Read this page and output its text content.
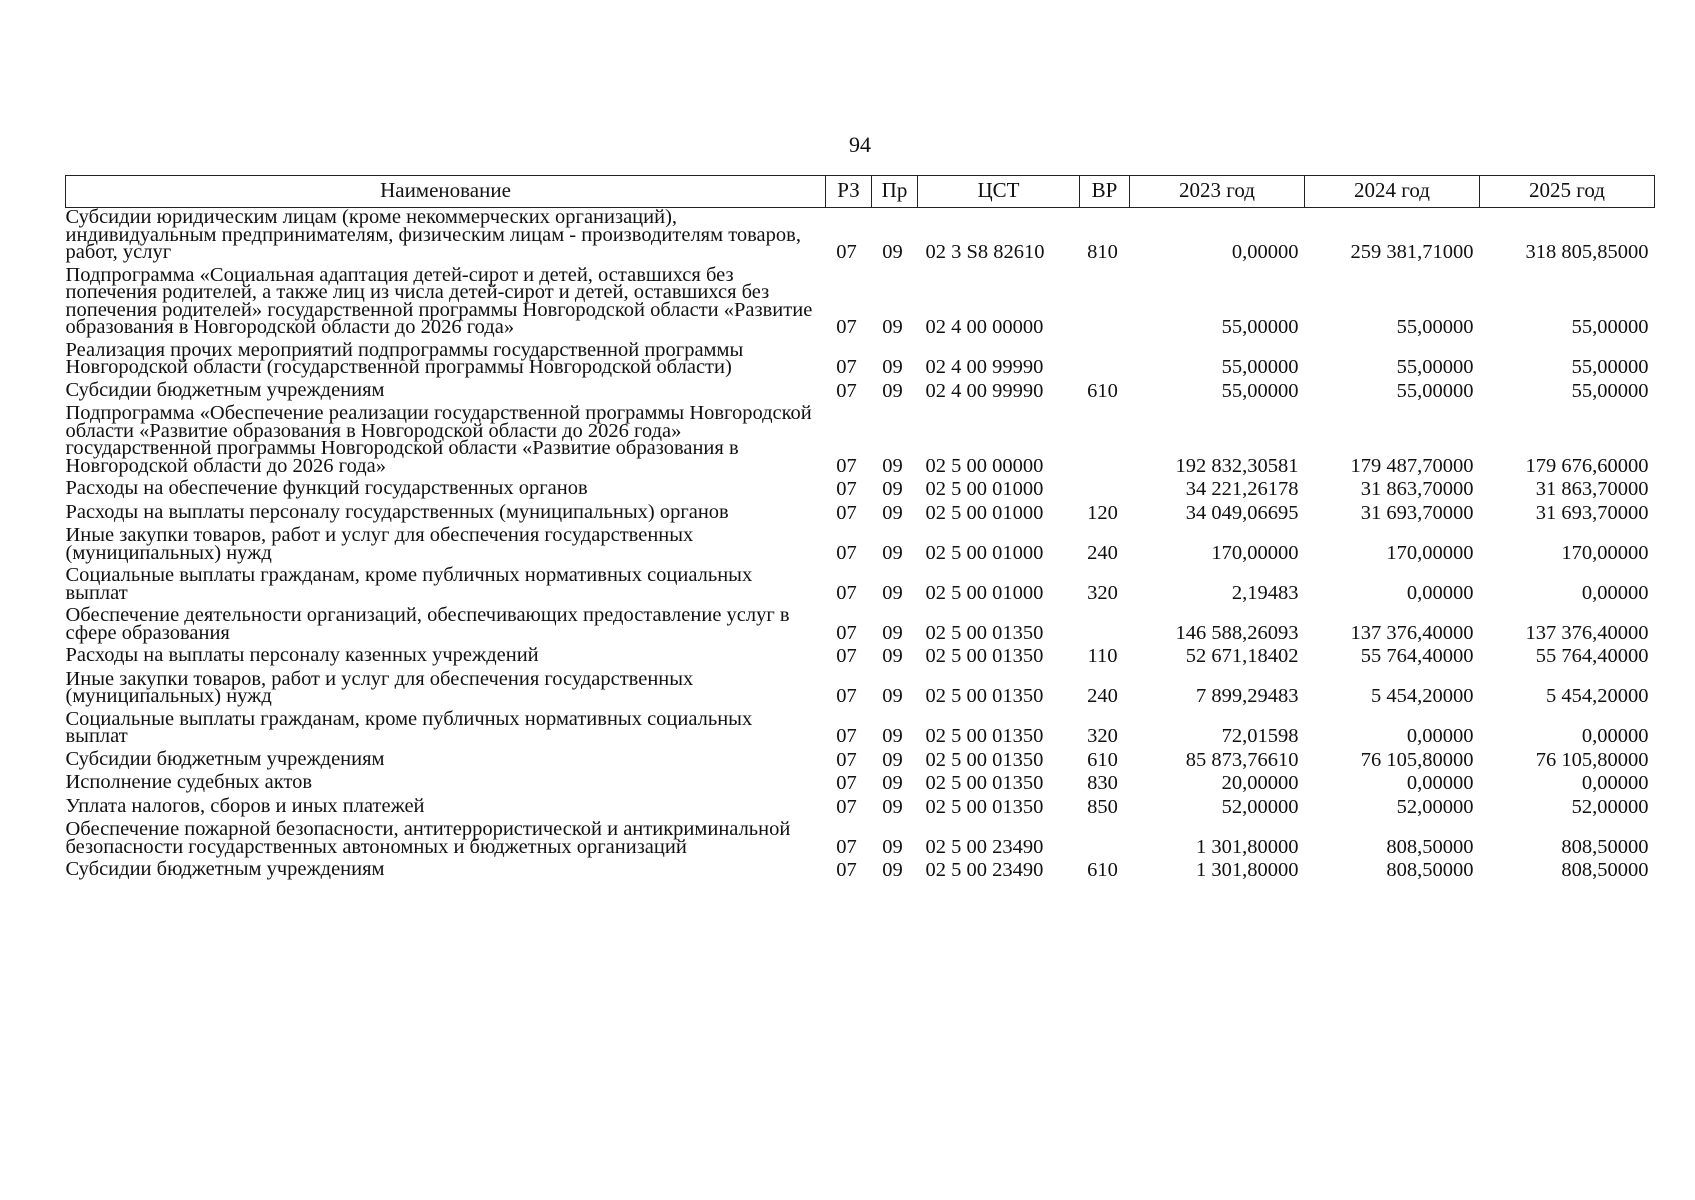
94
Наименование	РЗ	Пр	ЦСТ	ВР	2023 год	2024 год	2025 год
Субсидии юридическим лицам (кроме некоммерческих организаций), индивидуальным предпринимателям, физическим лицам - производителям товаров, работ, услуг	07	09	02 3 S8 82610	810	0,00000	259 381,71000	318 805,85000
Подпрограмма «Социальная адаптация детей-сирот и детей, оставшихся без попечения родителей, а также лиц из числа детей-сирот и детей, оставшихся без попечения родителей» государственной программы Новгородской области «Развитие образования в Новгородской области до 2026 года»	07	09	02 4 00 00000		55,00000	55,00000	55,00000
Реализация прочих мероприятий подпрограммы государственной программы Новгородской области (государственной программы Новгородской области)	07	09	02 4 00 99990		55,00000	55,00000	55,00000
Субсидии бюджетным учреждениям	07	09	02 4 00 99990	610	55,00000	55,00000	55,00000
Подпрограмма «Обеспечение реализации государственной программы Новгородской области «Развитие образования в Новгородской области до 2026 года» государственной программы Новгородской области «Развитие образования в Новгородской области до 2026 года»	07	09	02 5 00 00000		192 832,30581	179 487,70000	179 676,60000
Расходы на обеспечение функций государственных органов	07	09	02 5 00 01000		34 221,26178	31 863,70000	31 863,70000
Расходы на выплаты персоналу государственных (муниципальных) органов	07	09	02 5 00 01000	120	34 049,06695	31 693,70000	31 693,70000
Иные закупки товаров, работ и услуг для обеспечения государственных (муниципальных) нужд	07	09	02 5 00 01000	240	170,00000	170,00000	170,00000
Социальные выплаты гражданам, кроме публичных нормативных социальных выплат	07	09	02 5 00 01000	320	2,19483	0,00000	0,00000
Обеспечение деятельности организаций, обеспечивающих предоставление услуг в сфере образования	07	09	02 5 00 01350		146 588,26093	137 376,40000	137 376,40000
Расходы на выплаты персоналу казенных учреждений	07	09	02 5 00 01350	110	52 671,18402	55 764,40000	55 764,40000
Иные закупки товаров, работ и услуг для обеспечения государственных (муниципальных) нужд	07	09	02 5 00 01350	240	7 899,29483	5 454,20000	5 454,20000
Социальные выплаты гражданам, кроме публичных нормативных социальных выплат	07	09	02 5 00 01350	320	72,01598	0,00000	0,00000
Субсидии бюджетным учреждениям	07	09	02 5 00 01350	610	85 873,76610	76 105,80000	76 105,80000
Исполнение судебных актов	07	09	02 5 00 01350	830	20,00000	0,00000	0,00000
Уплата налогов, сборов и иных платежей	07	09	02 5 00 01350	850	52,00000	52,00000	52,00000
Обеспечение пожарной безопасности, антитеррористической и антикриминальной безопасности государственных автономных и бюджетных организаций	07	09	02 5 00 23490		1 301,80000	808,50000	808,50000
Субсидии бюджетным учреждениям	07	09	02 5 00 23490	610	1 301,80000	808,50000	808,50000
